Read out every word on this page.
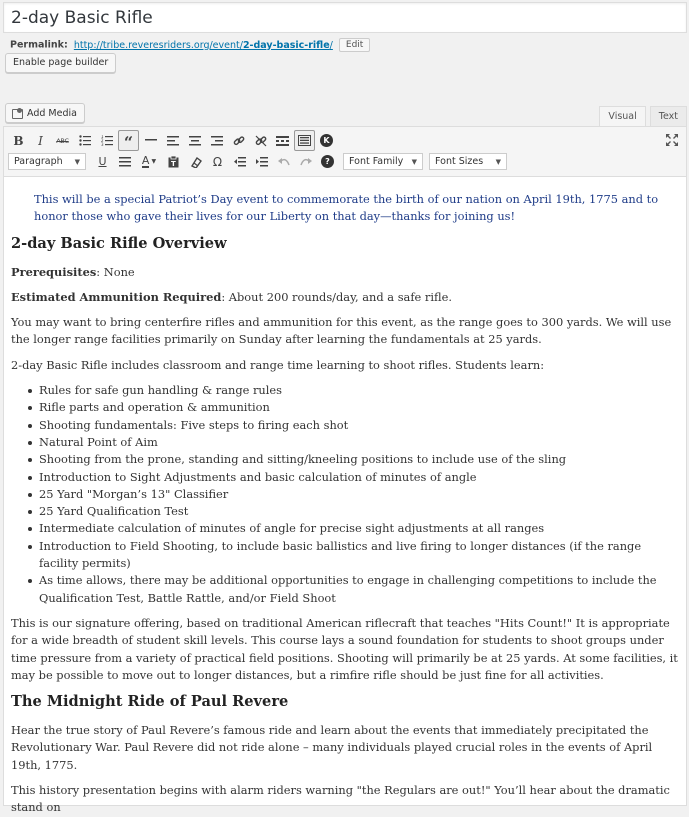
2-day Basic Rifle
Permalink: http://tribe.reveresriders.org/event/2-day-basic-rifle/ Edit
Enable page builder
Add Media	Visual	Text
B I ABC	1
2
3 “	K
Paragraph ▼ U	A ▼ T	Ω	?	Font Family ▼ Font Sizes ▼

This will be a special Patriot’s Day event to commemorate the birth of our nation on April 19th, 1775 and to honor those who gave their lives for our Liberty on that day—thanks for joining us!

2-day Basic Rifle Overview

Prerequisites: None

Estimated Ammunition Required: About 200 rounds/day, and a safe rifle.

You may want to bring centerfire rifles and ammunition for this event, as the range goes to 300 yards. We will use the longer range facilities primarily on Sunday after learning the fundamentals at 25 yards.

2-day Basic Rifle includes classroom and range time learning to shoot rifles. Students learn:

Rules for safe gun handling & range rules
Rifle parts and operation & ammunition
Shooting fundamentals: Five steps to firing each shot
Natural Point of Aim
Shooting from the prone, standing and sitting/kneeling positions to include use of the sling
Introduction to Sight Adjustments and basic calculation of minutes of angle
25 Yard "Morgan’s 13" Classifier
25 Yard Qualification Test
Intermediate calculation of minutes of angle for precise sight adjustments at all ranges
Introduction to Field Shooting, to include basic ballistics and live firing to longer distances (if the range facility permits)
As time allows, there may be additional opportunities to engage in challenging competitions to include the Qualification Test, Battle Rattle, and/or Field Shoot

This is our signature offering, based on traditional American riflecraft that teaches "Hits Count!" It is appropriate for a wide breadth of student skill levels. This course lays a sound foundation for students to shoot groups under time pressure from a variety of practical field positions. Shooting will primarily be at 25 yards. At some facilities, it may be possible to move out to longer distances, but a rimfire rifle should be just fine for all activities.

The Midnight Ride of Paul Revere

Hear the true story of Paul Revere’s famous ride and learn about the events that immediately precipitated the Revolutionary War. Paul Revere did not ride alone – many individuals played crucial roles in the events of April 19th, 1775.

This history presentation begins with alarm riders warning "the Regulars are out!" You’ll hear about the dramatic stand on
